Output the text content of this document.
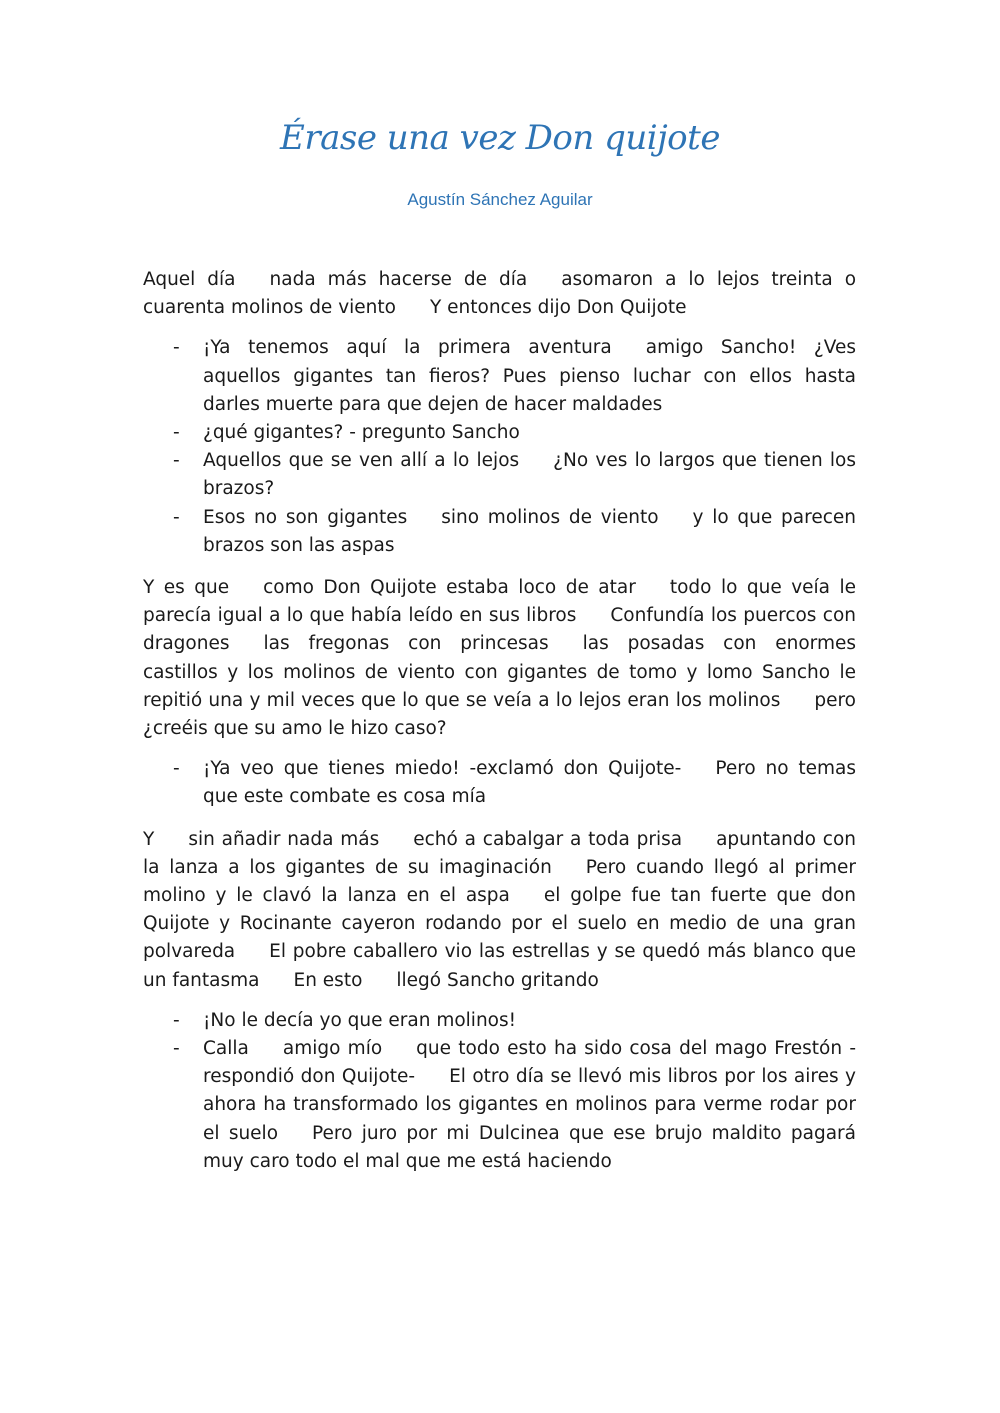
Érase una vez Don quijote
Agustín Sánchez Aguilar

Aquel día nada más hacerse de día asomaron a lo lejos treinta o cuarenta molinos de viento Y entonces dijo Don Quijote

- ¡Ya tenemos aquí la primera aventura amigo Sancho! ¿Ves aquellos gigantes tan fieros? Pues pienso luchar con ellos hasta darles muerte para que dejen de hacer maldades
- ¿qué gigantes? - pregunto Sancho
- Aquellos que se ven allí a lo lejos ¿No ves lo largos que tienen los brazos?
- Esos no son gigantes sino molinos de viento y lo que parecen brazos son las aspas

Y es que como Don Quijote estaba loco de atar todo lo que veía le parecía igual a lo que había leído en sus libros Confundía los puercos con dragones las fregonas con princesas las posadas con enormes castillos y los molinos de viento con gigantes de tomo y lomo Sancho le repitió una y mil veces que lo que se veía a lo lejos eran los molinos pero ¿creéis que su amo le hizo caso?

- ¡Ya veo que tienes miedo! -exclamó don Quijote- Pero no temas que este combate es cosa mía

Y sin añadir nada más echó a cabalgar a toda prisa apuntando con la lanza a los gigantes de su imaginación Pero cuando llegó al primer molino y le clavó la lanza en el aspa el golpe fue tan fuerte que don Quijote y Rocinante cayeron rodando por el suelo en medio de una gran polvareda El pobre caballero vio las estrellas y se quedó más blanco que un fantasma En esto llegó Sancho gritando

- ¡No le decía yo que eran molinos!
- Calla amigo mío que todo esto ha sido cosa del mago Frestón -respondió don Quijote- El otro día se llevó mis libros por los aires y ahora ha transformado los gigantes en molinos para verme rodar por el suelo Pero juro por mi Dulcinea que ese brujo maldito pagará muy caro todo el mal que me está haciendo
